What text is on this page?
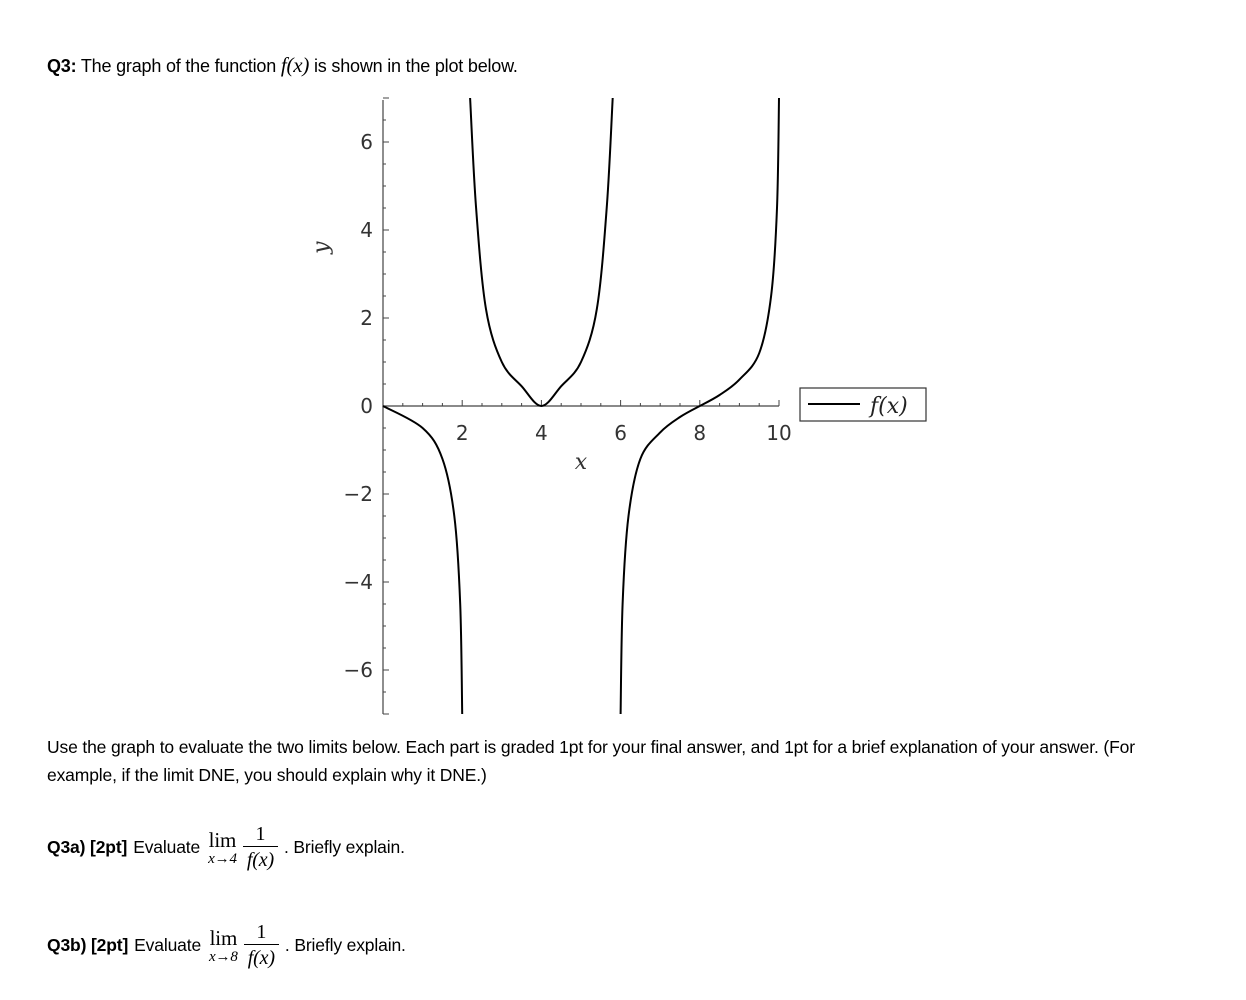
Q3: The graph of the function f(x) is shown in the plot below.
−6
−4
−2
0
2
4
6
2	4	6	8	10
x
y
f(x)
Use the graph to evaluate the two limits below. Each part is graded 1pt for your final answer, and 1pt for a brief explanation of your answer. (For example, if the limit DNE, you should explain why it DNE.)
Q3a) [2pt] Evaluate lim
$x\to 4 \frac{1}{f(x)}$ . Briefly explain.
Q3b) [2pt] Evaluate lim
$x\to 8 \frac{1}{f(x)}$ . Briefly explain.
